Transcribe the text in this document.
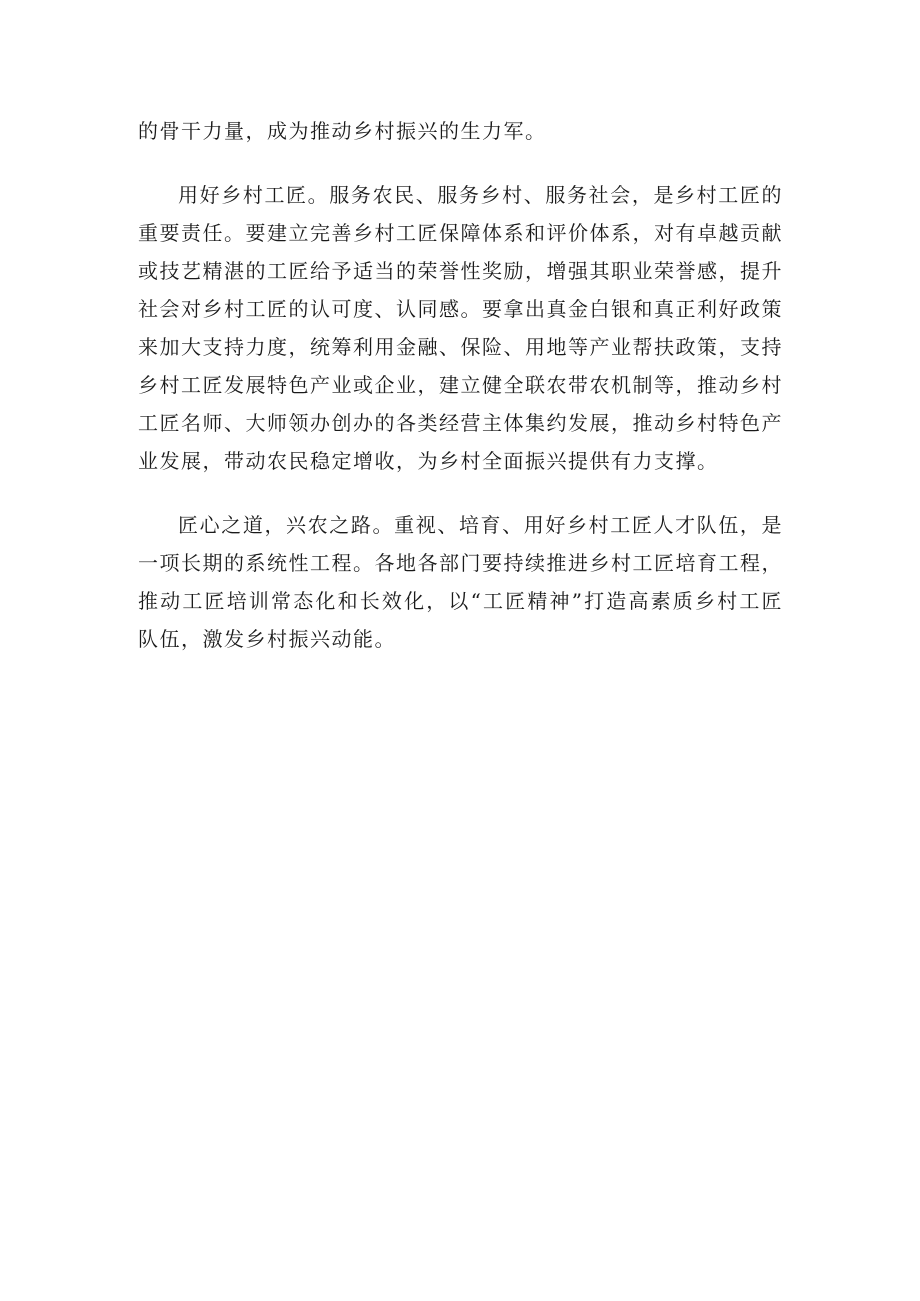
的骨干力量，成为推动乡村振兴的生力军。

用好乡村工匠。服务农民、服务乡村、服务社会，是乡村工匠的重要责任。要建立完善乡村工匠保障体系和评价体系，对有卓越贡献或技艺精湛的工匠给予适当的荣誉性奖励，增强其职业荣誉感，提升社会对乡村工匠的认可度、认同感。要拿出真金白银和真正利好政策来加大支持力度，统筹利用金融、保险、用地等产业帮扶政策，支持乡村工匠发展特色产业或企业，建立健全联农带农机制等，推动乡村工匠名师、大师领办创办的各类经营主体集约发展，推动乡村特色产业发展，带动农民稳定增收，为乡村全面振兴提供有力支撑。

匠心之道，兴农之路。重视、培育、用好乡村工匠人才队伍，是一项长期的系统性工程。各地各部门要持续推进乡村工匠培育工程，推动工匠培训常态化和长效化，以“工匠精神”打造高素质乡村工匠队伍，激发乡村振兴动能。
